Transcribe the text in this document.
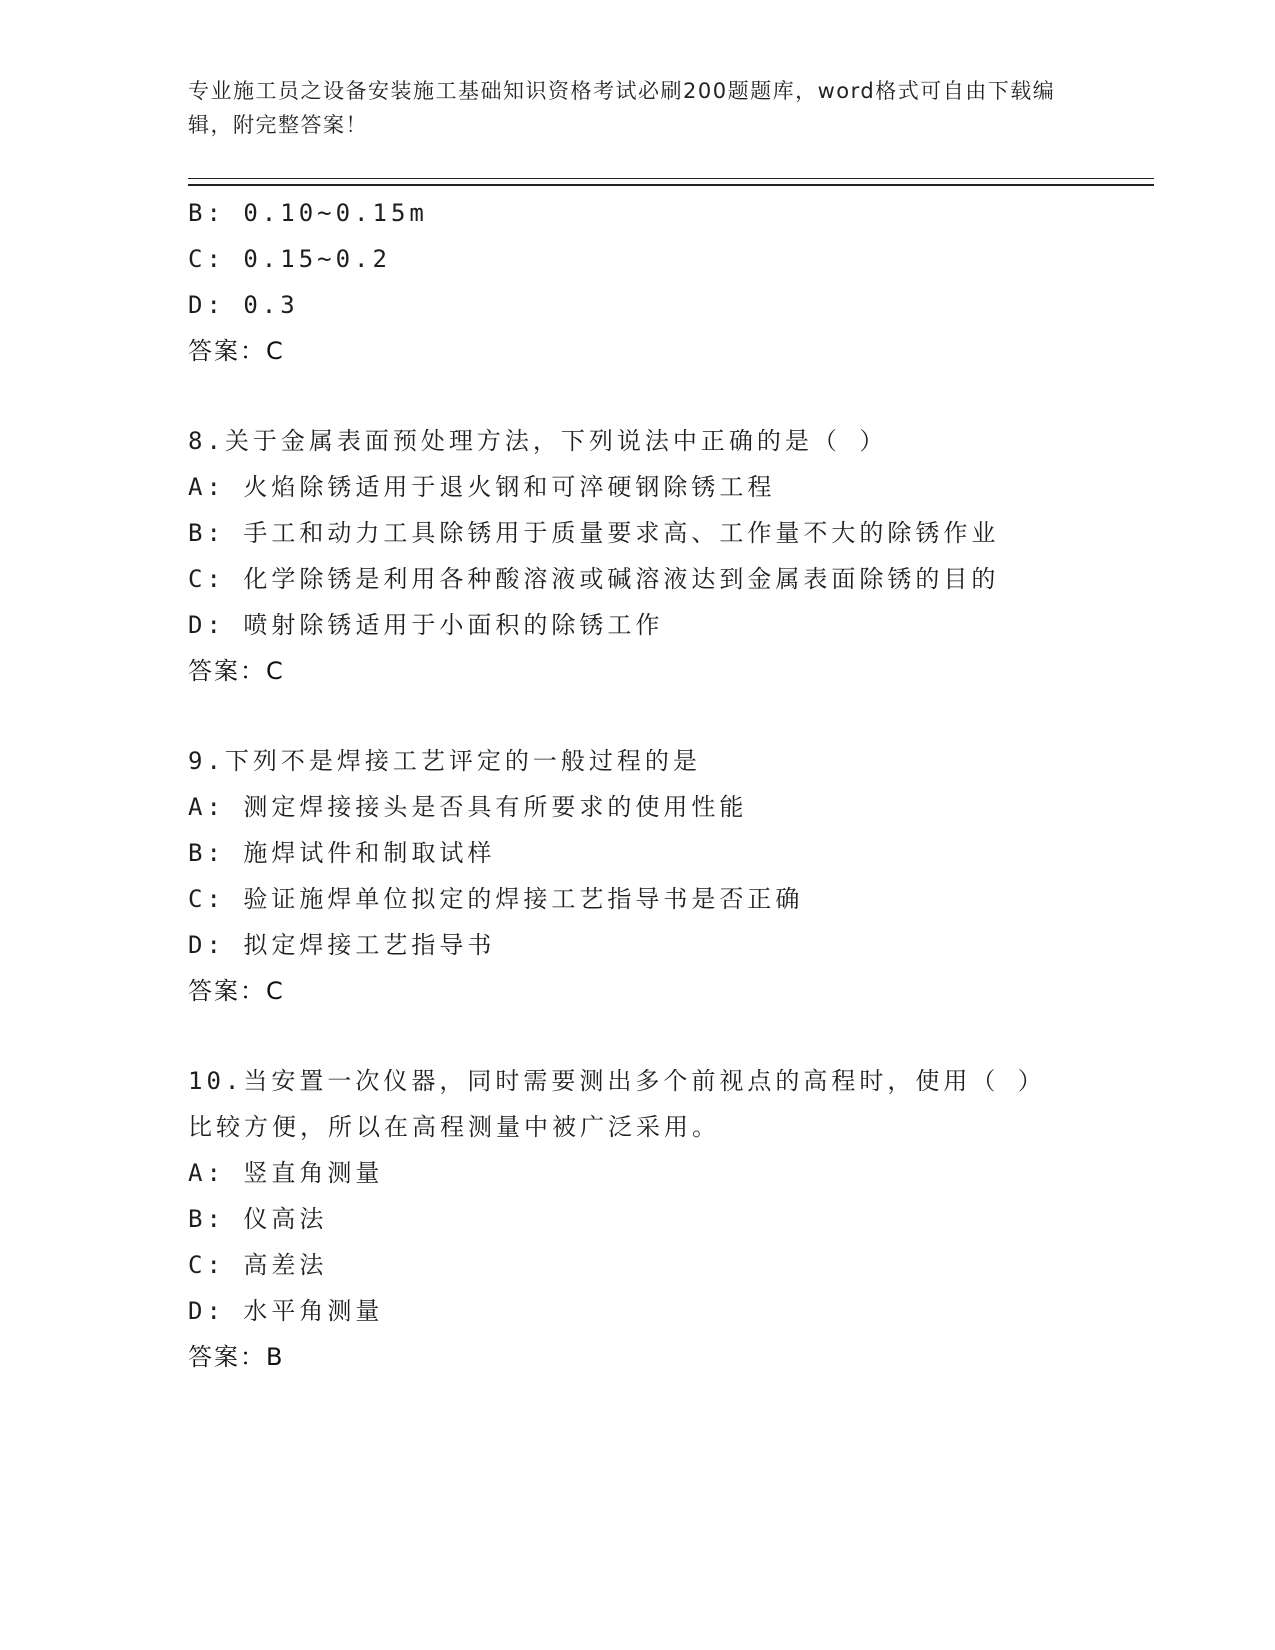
专业施工员之设备安装施工基础知识资格考试必刷200题题库，word格式可自由下载编辑，附完整答案！
B: 0.10~0.15m
C: 0.15~0.2
D: 0.3
答案：C
8.关于金属表面预处理方法，下列说法中正确的是（ ）
A: 火焰除锈适用于退火钢和可淬硬钢除锈工程
B: 手工和动力工具除锈用于质量要求高、工作量不大的除锈作业
C: 化学除锈是利用各种酸溶液或碱溶液达到金属表面除锈的目的
D: 喷射除锈适用于小面积的除锈工作
答案：C
9.下列不是焊接工艺评定的一般过程的是
A: 测定焊接接头是否具有所要求的使用性能
B: 施焊试件和制取试样
C: 验证施焊单位拟定的焊接工艺指导书是否正确
D: 拟定焊接工艺指导书
答案：C
10.当安置一次仪器，同时需要测出多个前视点的高程时，使用（ ）
比较方便，所以在高程测量中被广泛采用。
A: 竖直角测量
B: 仪高法
C: 高差法
D: 水平角测量
答案：B
